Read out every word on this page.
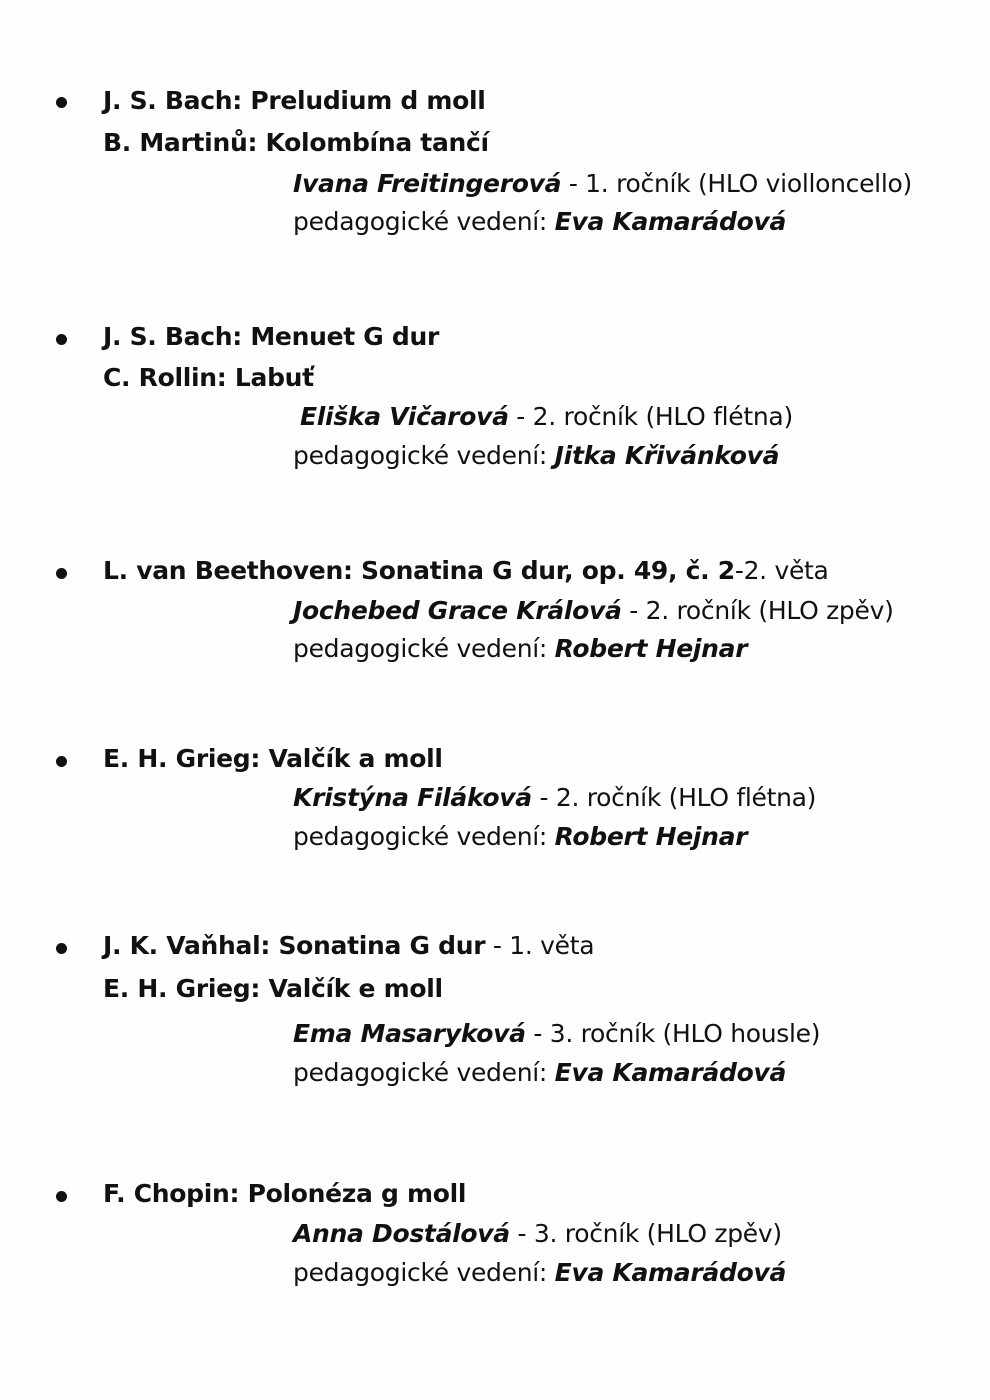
J. S. Bach: Preludium d moll
B. Martinů: Kolombína tančí
Ivana Freitingerová - 1. ročník (HLO violloncello)
pedagogické vedení: Eva Kamarádová
J. S. Bach: Menuet G dur
C. Rollin: Labuť
Eliška Vičarová - 2. ročník (HLO flétna)
pedagogické vedení: Jitka Křivánková
L. van Beethoven: Sonatina G dur, op. 49, č. 2-2. věta
Jochebed Grace Králová - 2. ročník (HLO zpěv)
pedagogické vedení: Robert Hejnar
E. H. Grieg: Valčík a moll
Kristýna Filáková - 2. ročník (HLO flétna)
pedagogické vedení: Robert Hejnar
J. K. Vaňhal: Sonatina G dur - 1. věta
E. H. Grieg: Valčík e moll
Ema Masaryková - 3. ročník (HLO housle)
pedagogické vedení: Eva Kamarádová
F. Chopin: Polonéza g moll
Anna Dostálová - 3. ročník (HLO zpěv)
pedagogické vedení: Eva Kamarádová
